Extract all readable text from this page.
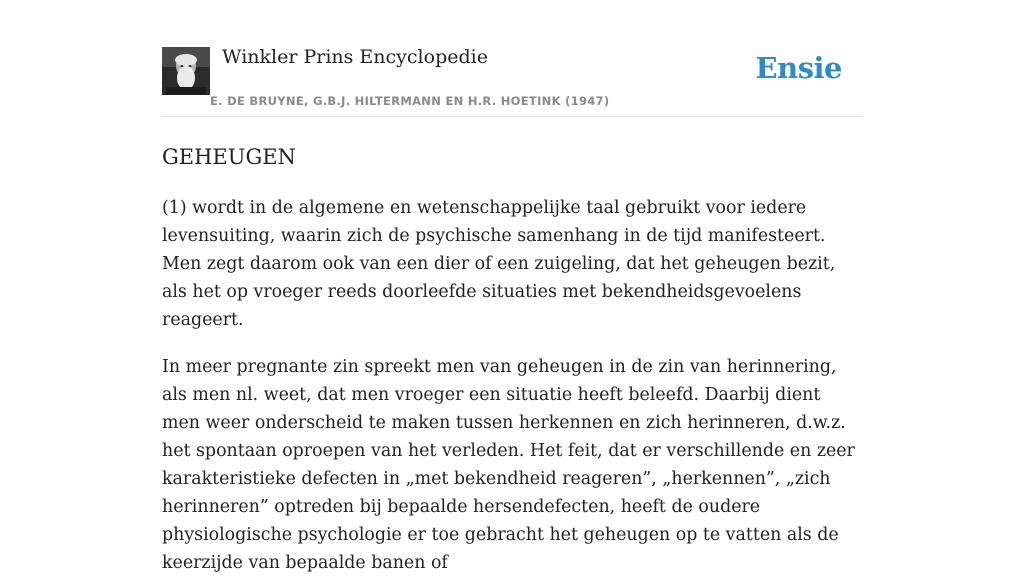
Winkler Prins Encyclopedie
E. DE BRUYNE, G.B.J. HILTERMANN EN H.R. HOETINK (1947)
Ensie
GEHEUGEN

(1) wordt in de algemene en wetenschappelijke taal gebruikt voor iedere levensuiting, waarin zich de psychische samenhang in de tijd manifesteert. Men zegt daarom ook van een dier of een zuigeling, dat het geheugen bezit, als het op vroeger reeds doorleefde situaties met bekendheidsgevoelens reageert.

In meer pregnante zin spreekt men van geheugen in de zin van herinnering, als men nl. weet, dat men vroeger een situatie heeft beleefd. Daarbij dient men weer onderscheid te maken tussen herkennen en zich herinneren, d.w.z. het spontaan oproepen van het verleden. Het feit, dat er verschillende en zeer karakteristieke defecten in „met bekendheid reageren”, „herkennen”, „zich herinneren” optreden bij bepaalde hersendefecten, heeft de oudere physiologische psychologie er toe gebracht het geheugen op te vatten als de keerzijde van bepaalde banen of
